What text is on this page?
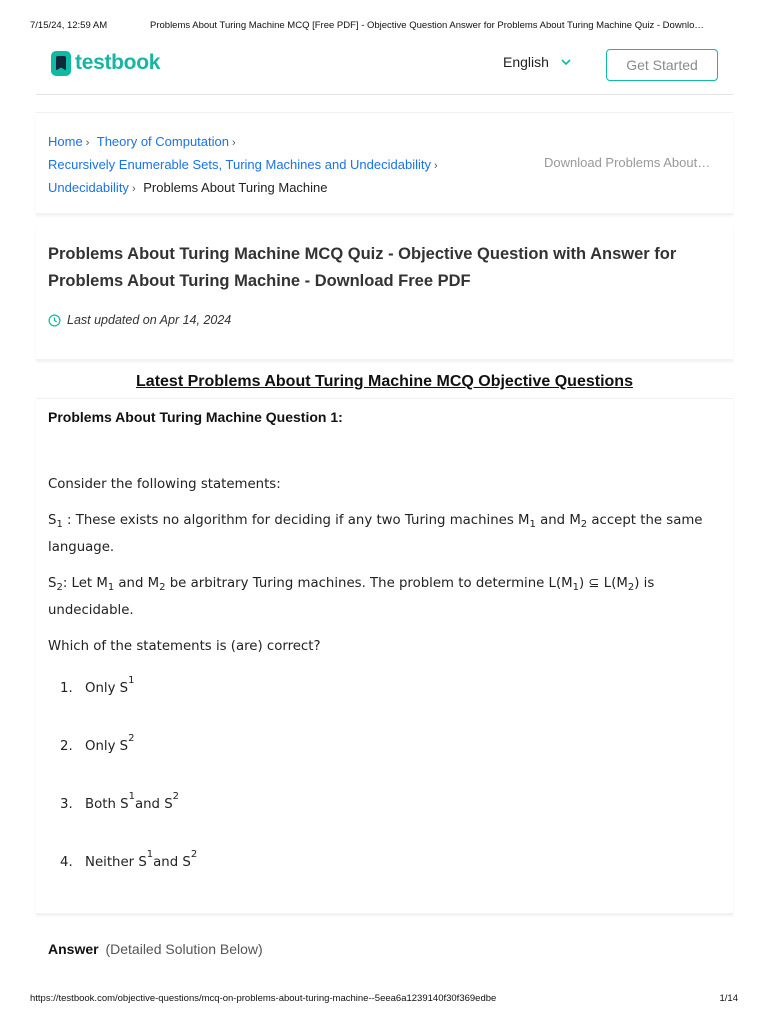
7/15/24, 12:59 AM	Problems About Turing Machine MCQ [Free PDF] - Objective Question Answer for Problems About Turing Machine Quiz - Downlo…
testbook	English	Get Started
Home › Theory of Computation ›
Recursively Enumerable Sets, Turing Machines and Undecidability ›
Undecidability › Problems About Turing Machine
Download Problems About…
Problems About Turing Machine MCQ Quiz - Objective Question with Answer for Problems About Turing Machine - Download Free PDF
Last updated on Apr 14, 2024
Latest Problems About Turing Machine MCQ Objective Questions
Problems About Turing Machine Question 1:

Consider the following statements:

$S_1$ : These exists no algorithm for deciding if any two Turing machines $M_1$ and $M_2$ accept the same language.

$S_2$: Let $M_1$ and $M_2$ be arbitrary Turing machines. The problem to determine $L(M_1)$ ⊆ $L(M_2)$ is undecidable.

Which of the statements is (are) correct?

1. Only S
1
2. Only S
2
3. Both S
1
and S
2
4. Neither S
1
and S
2
Answer (Detailed Solution Below)
https://testbook.com/objective-questions/mcq-on-problems-about-turing-machine--5eea6a1239140f30f369edbe	1/14
